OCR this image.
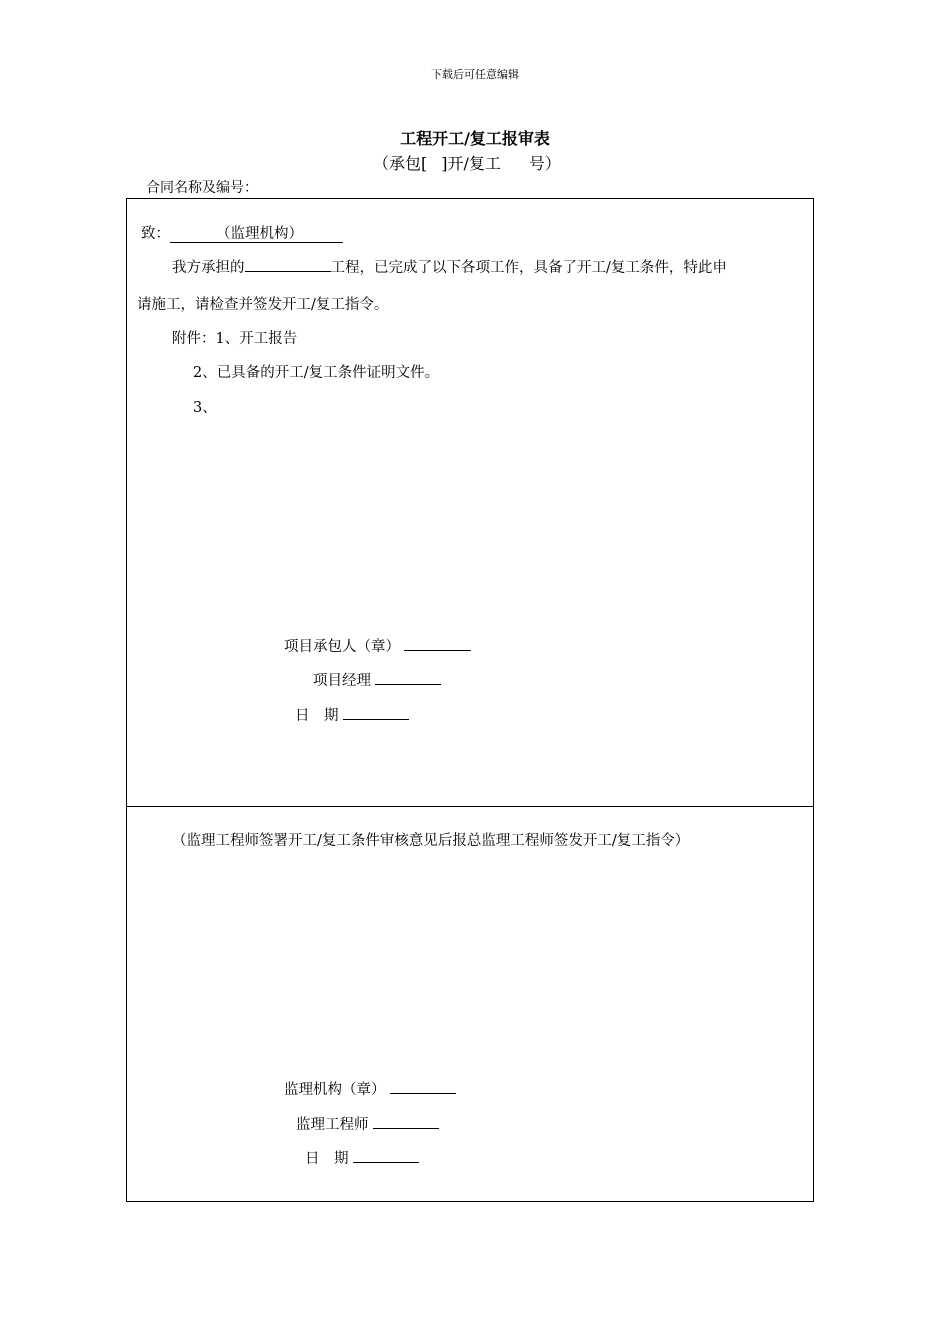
下载后可任意编辑
工程开工/复工报审表
（承包[ ]开/复工 号）
合同名称及编号：
致：	（监理机构）
我方承担的	工程，已完成了以下各项工作，具备了开工/复工条件，特此申
请施工，请检查并签发开工/复工指令。
附件：1、开工报告
2、已具备的开工/复工条件证明文件。
3、
项目承包人（章）
项目经理
日　期
（监理工程师签署开工/复工条件审核意见后报总监理工程师签发开工/复工指令）
监理机构（章）
监理工程师
日　期
